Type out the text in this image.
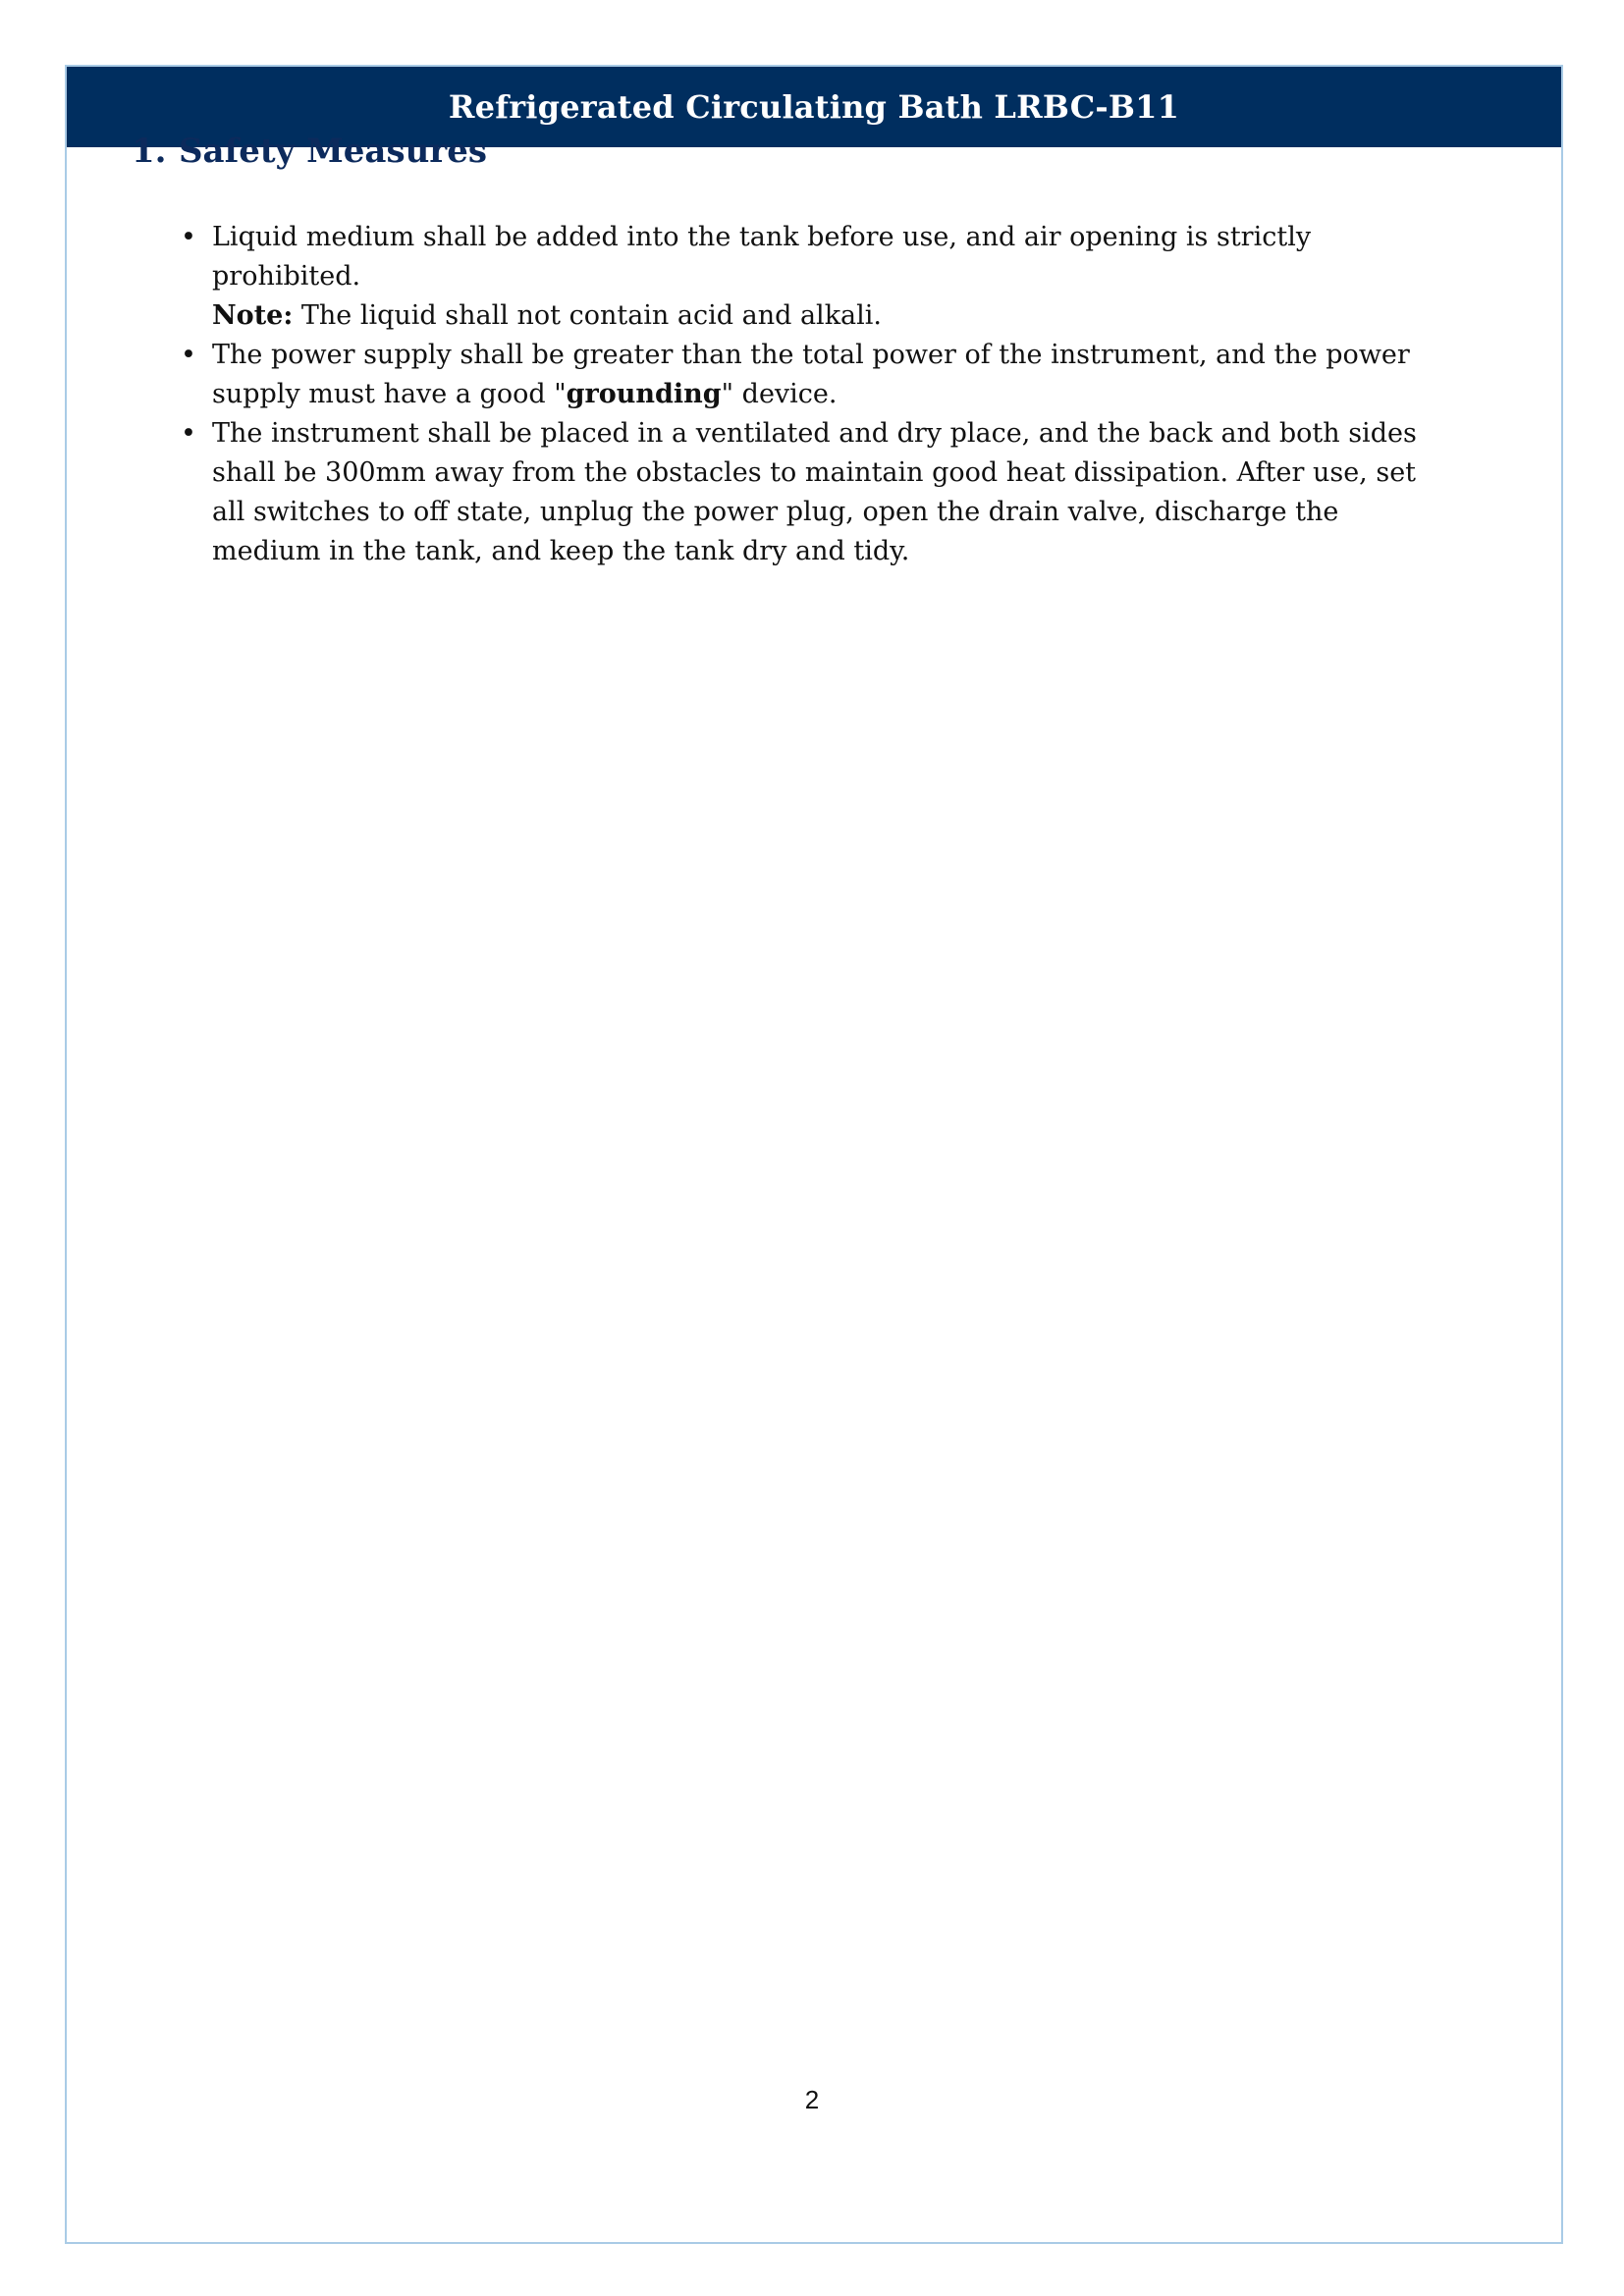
Refrigerated Circulating Bath LRBC-B11
1. Safety Measures
• Liquid medium shall be added into the tank before use, and air opening is strictly prohibited.
Note: The liquid shall not contain acid and alkali.
• The power supply shall be greater than the total power of the instrument, and the power supply must have a good "grounding" device.
• The instrument shall be placed in a ventilated and dry place, and the back and both sides shall be 300mm away from the obstacles to maintain good heat dissipation. After use, set all switches to off state, unplug the power plug, open the drain valve, discharge the medium in the tank, and keep the tank dry and tidy.
2
